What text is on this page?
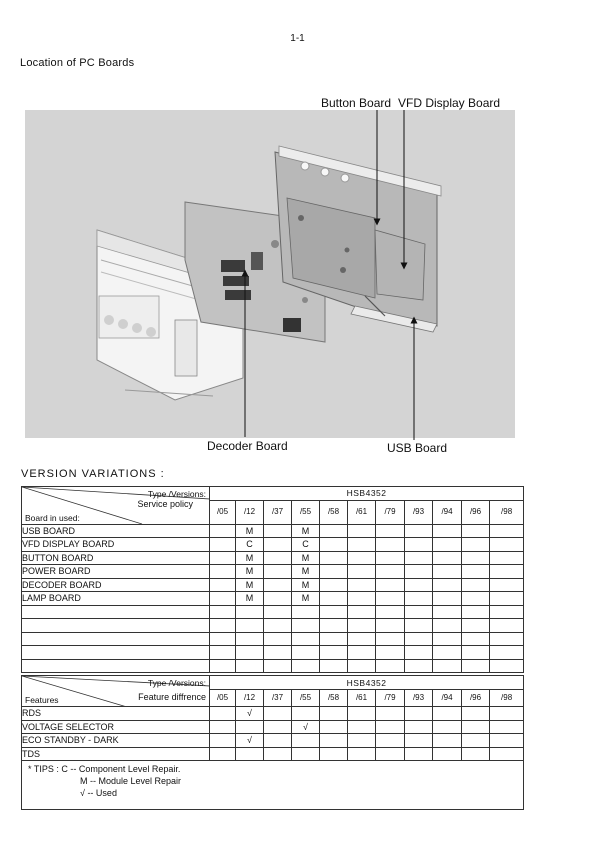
1-1
Location of PC Boards
Button Board VFD Display Board
Decoder Board	USB Board
VERSION VARIATIONS :
Type /Versions:
Service policy
Board in used:	HSB4352										
	/05	/12	/37	/55	/58	/61	/79	/93	/94	/96	/98
USB BOARD		M		M							
VFD DISPLAY BOARD		C		C							
BUTTON BOARD		M		M							
POWER BOARD		M		M							
DECODER BOARD		M		M							
LAMP BOARD		M		M							

Type /Versions:
Feature diffrence
Features	HSB4352										
	/05	/12	/37	/55	/58	/61	/79	/93	/94	/96	/98
RDS		√									
VOLTAGE SELECTOR				√							
ECO STANDBY - DARK		√									
TDS											

* TIPS : C -- Component Level Repair.
M -- Module Level Repair
√ -- Used											
